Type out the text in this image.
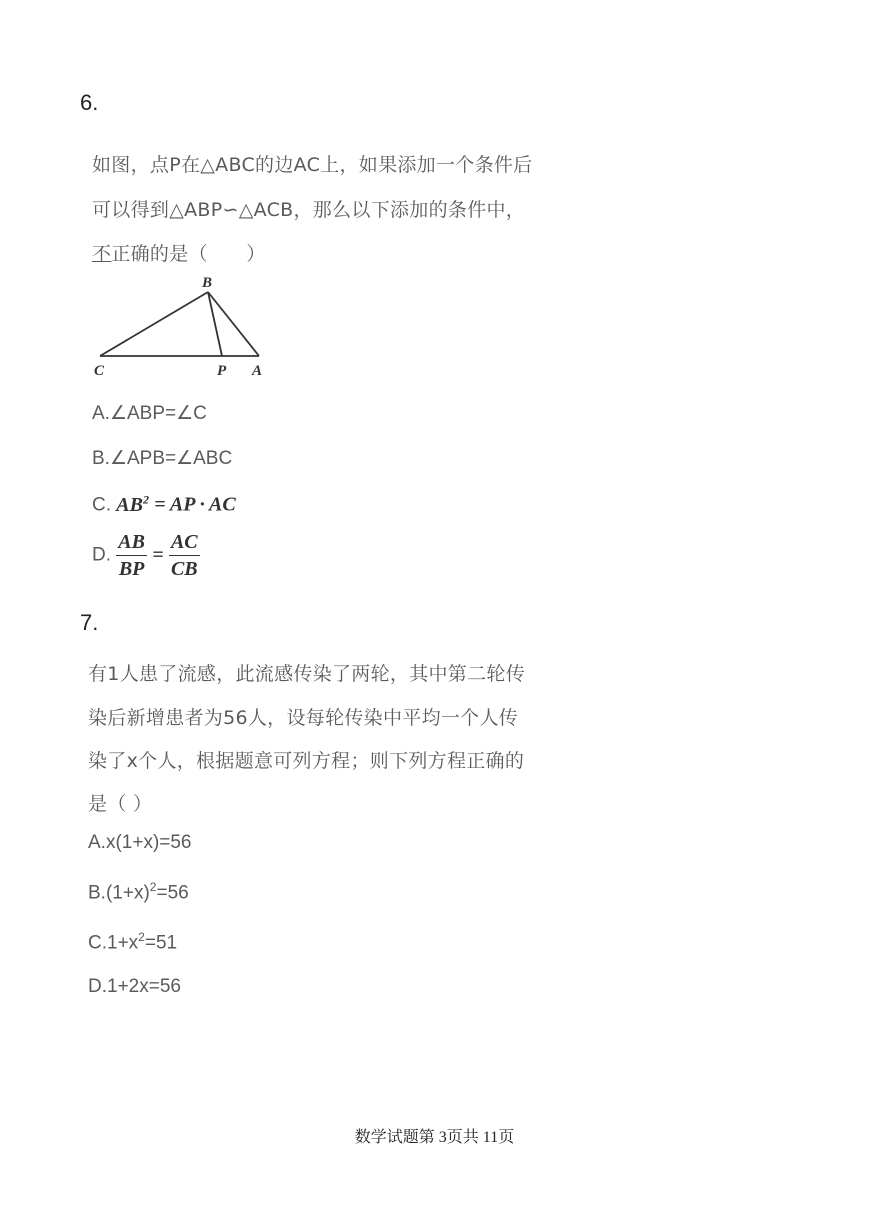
6.
如图，点P在△ABC的边AC上，如果添加一个条件后
可以得到△ABP∽△ACB，那么以下添加的条件中，
不正确的是（　　）
B
C	P A
A.∠ABP=∠C
B.∠APB=∠ABC
C. $AB^2$ = AP · AC
D. $\frac{AB}{BP} = \frac{AC}{CB}$
7.
有1人患了流感，此流感传染了两轮，其中第二轮传
染后新增患者为56人，设每轮传染中平均一个人传
染了x个人，根据题意可列方程；则下列方程正确的
是（ ）
A.x(1+x)=56
$B.(1+x)^2=56$
$C.1+x^2=51$
D.1+2x=56
数学试题第 3页共 11页
